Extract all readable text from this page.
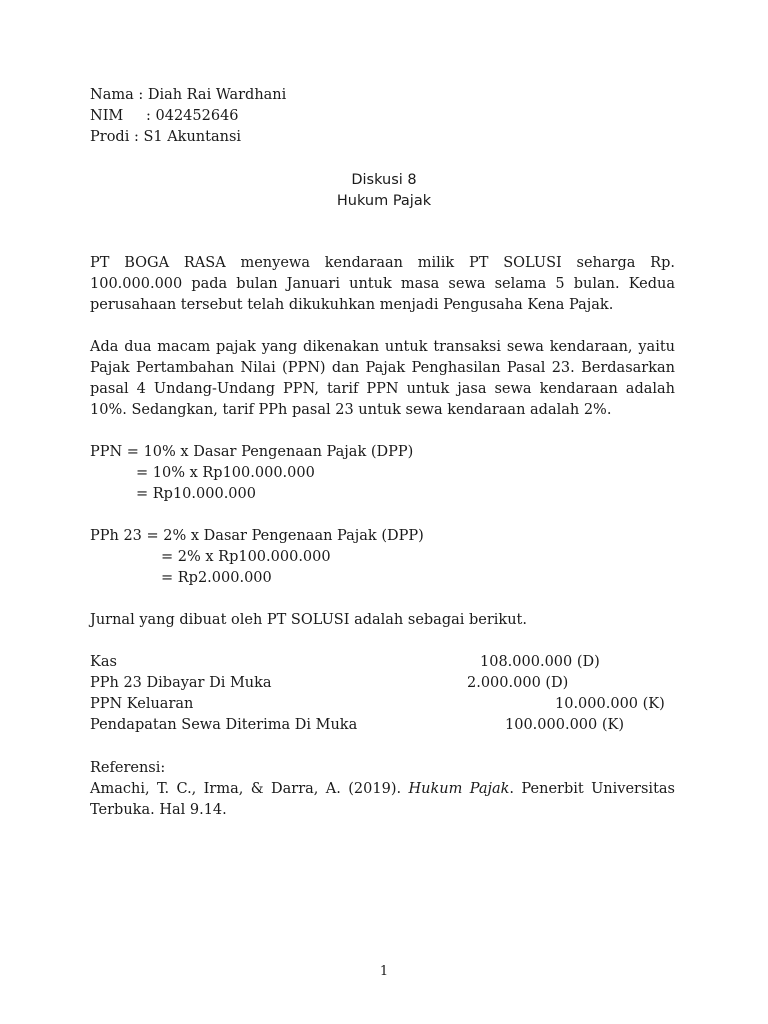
Nama : Diah Rai Wardhani
NIM : 042452646
Prodi : S1 Akuntansi
Diskusi 8
Hukum Pajak
PT BOGA RASA menyewa kendaraan milik PT SOLUSI seharga Rp. 100.000.000 pada bulan Januari untuk masa sewa selama 5 bulan. Kedua perusahaan tersebut telah dikukuhkan menjadi Pengusaha Kena Pajak.
Ada dua macam pajak yang dikenakan untuk transaksi sewa kendaraan, yaitu Pajak Pertambahan Nilai (PPN) dan Pajak Penghasilan Pasal 23. Berdasarkan pasal 4 Undang-Undang PPN, tarif PPN untuk jasa sewa kendaraan adalah 10%. Sedangkan, tarif PPh pasal 23 untuk sewa kendaraan adalah 2%.
PPN = 10% x Dasar Pengenaan Pajak (DPP)
= 10% x Rp100.000.000
= Rp10.000.000
PPh 23 = 2% x Dasar Pengenaan Pajak (DPP)
= 2% x Rp100.000.000
= Rp2.000.000
Jurnal yang dibuat oleh PT SOLUSI adalah sebagai berikut.
Kas	108.000.000 (D)
PPh 23 Dibayar Di Muka	2.000.000 (D)
PPN Keluaran	10.000.000 (K)
Pendapatan Sewa Diterima Di Muka	100.000.000 (K)
Referensi:
Amachi, T. C., Irma, & Darra, A. (2019). Hukum Pajak. Penerbit Universitas Terbuka. Hal 9.14.
1
